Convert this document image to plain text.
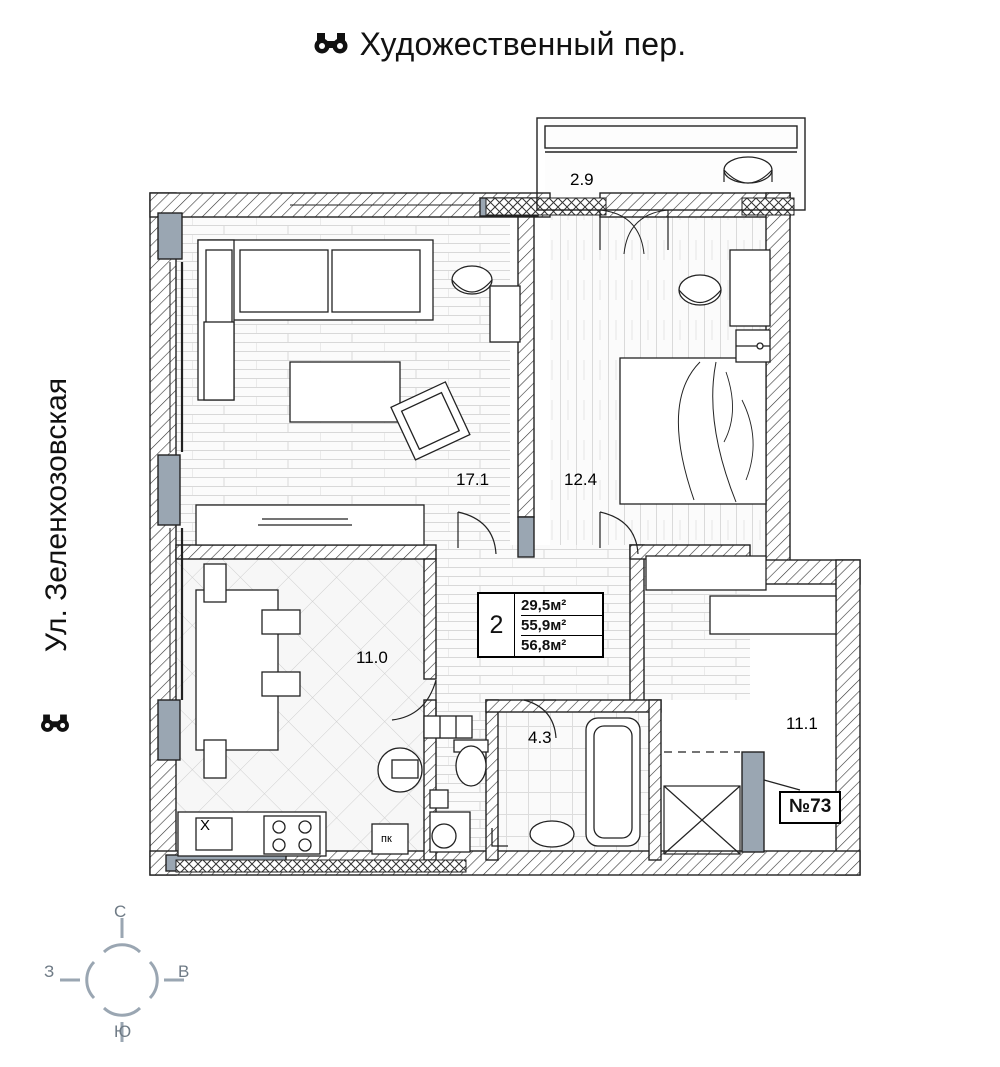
Художественный пер.
Ул. Зеленхозовская	17.1	12.4
2.9
11.0
4.3
11.1
X
пк
2
29,5м²
55,9м²
56,8м²
№73
С
Ю
З	В
